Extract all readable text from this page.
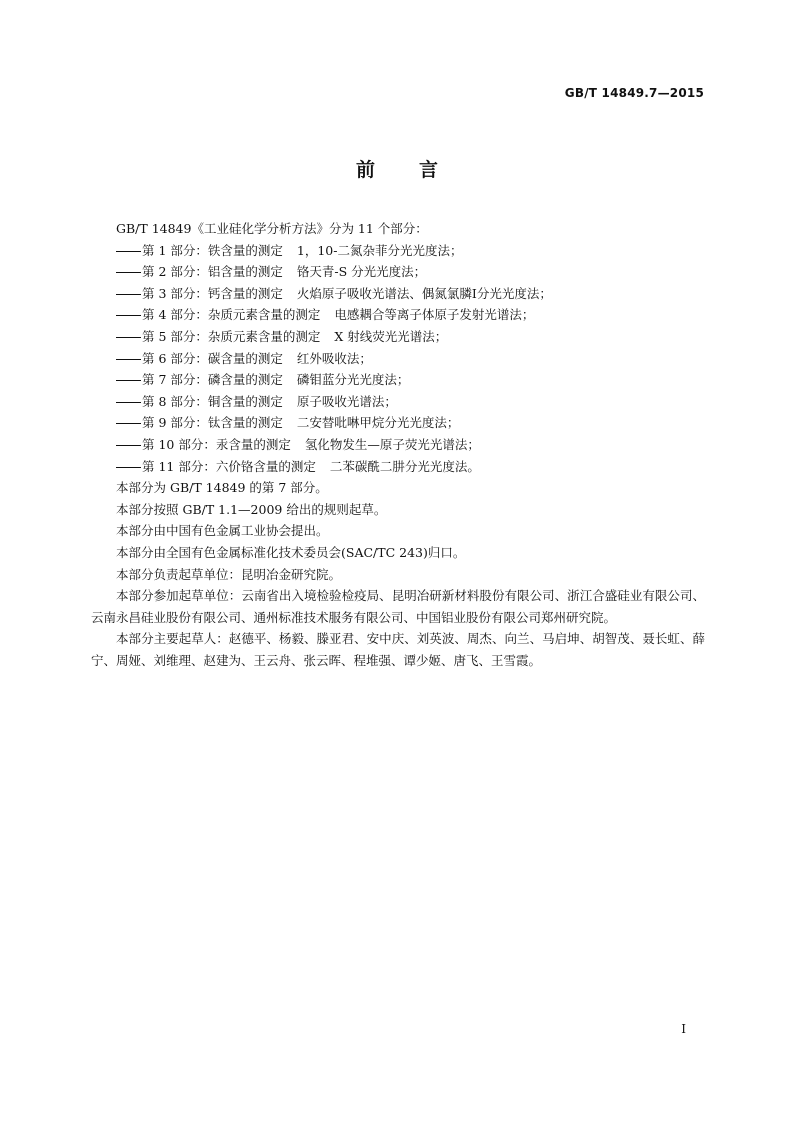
GB/T 14849.7—2015
前言

GB/T 14849《工业硅化学分析方法》分为 11 个部分：

第 1 部分：铁含量的测定 1，10-二氮杂菲分光光度法；

第 2 部分：铝含量的测定 铬天青-S 分光光度法；

第 3 部分：钙含量的测定 火焰原子吸收光谱法、偶氮氯膦Ⅰ分光光度法；

第 4 部分：杂质元素含量的测定 电感耦合等离子体原子发射光谱法；

第 5 部分：杂质元素含量的测定 X 射线荧光光谱法；

第 6 部分：碳含量的测定 红外吸收法；

第 7 部分：磷含量的测定 磷钼蓝分光光度法；

第 8 部分：铜含量的测定 原子吸收光谱法；

第 9 部分：钛含量的测定 二安替吡啉甲烷分光光度法；

第 10 部分：汞含量的测定 氢化物发生—原子荧光光谱法；

第 11 部分：六价铬含量的测定 二苯碳酰二肼分光光度法。

本部分为 GB/T 14849 的第 7 部分。

本部分按照 GB/T 1.1—2009 给出的规则起草。

本部分由中国有色金属工业协会提出。

本部分由全国有色金属标准化技术委员会(SAC/TC 243)归口。

本部分负责起草单位：昆明冶金研究院。

本部分参加起草单位：云南省出入境检验检疫局、昆明冶研新材料股份有限公司、浙江合盛硅业有限公司、云南永昌硅业股份有限公司、通州标准技术服务有限公司、中国铝业股份有限公司郑州研究院。

本部分主要起草人：赵德平、杨毅、滕亚君、安中庆、刘英波、周杰、向兰、马启坤、胡智茂、聂长虹、薛宁、周娅、刘维理、赵建为、王云舟、张云晖、程堆强、谭少姬、唐飞、王雪霞。

I
